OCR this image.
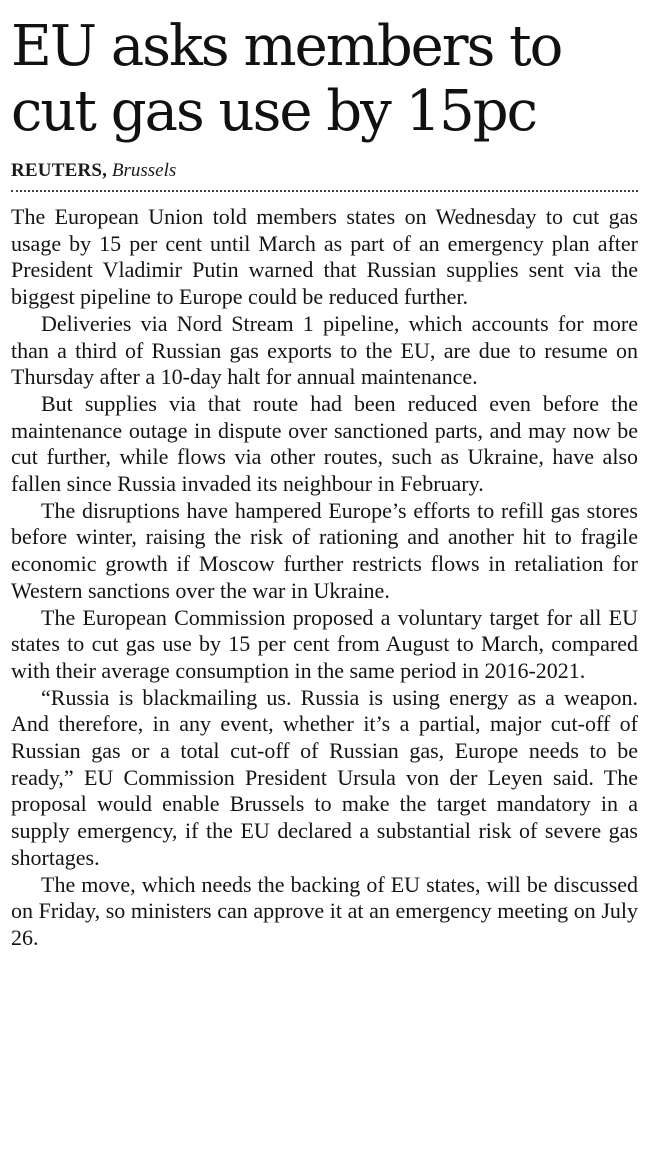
EU asks members to
cut gas use by 15pc
REUTERS, Brussels

The European Union told members states on Wednesday to cut gas usage by 15 per cent until March as part of an emergency plan after President Vladimir Putin warned that Russian supplies sent via the biggest pipeline to Europe could be reduced further.

Deliveries via Nord Stream 1 pipeline, which accounts for more than a third of Russian gas exports to the EU, are due to resume on Thursday after a 10-day halt for annual maintenance.

But supplies via that route had been reduced even before the maintenance outage in dispute over sanctioned parts, and may now be cut further, while flows via other routes, such as Ukraine, have also fallen since Russia invaded its neighbour in February.

The disruptions have hampered Europe’s efforts to refill gas stores before winter, raising the risk of rationing and another hit to fragile economic growth if Moscow further restricts flows in retaliation for Western sanctions over the war in Ukraine.

The European Commission proposed a voluntary target for all EU states to cut gas use by 15 per cent from August to March, compared with their average consumption in the same period in 2016-2021.

“Russia is blackmailing us. Russia is using energy as a weapon. And therefore, in any event, whether it’s a partial, major cut-off of Russian gas or a total cut-off of Russian gas, Europe needs to be ready,” EU Commission President Ursula von der Leyen said. The proposal would enable Brussels to make the target mandatory in a supply emergency, if the EU declared a substantial risk of severe gas shortages.

The move, which needs the backing of EU states, will be discussed on Friday, so ministers can approve it at an emergency meeting on July 26.
